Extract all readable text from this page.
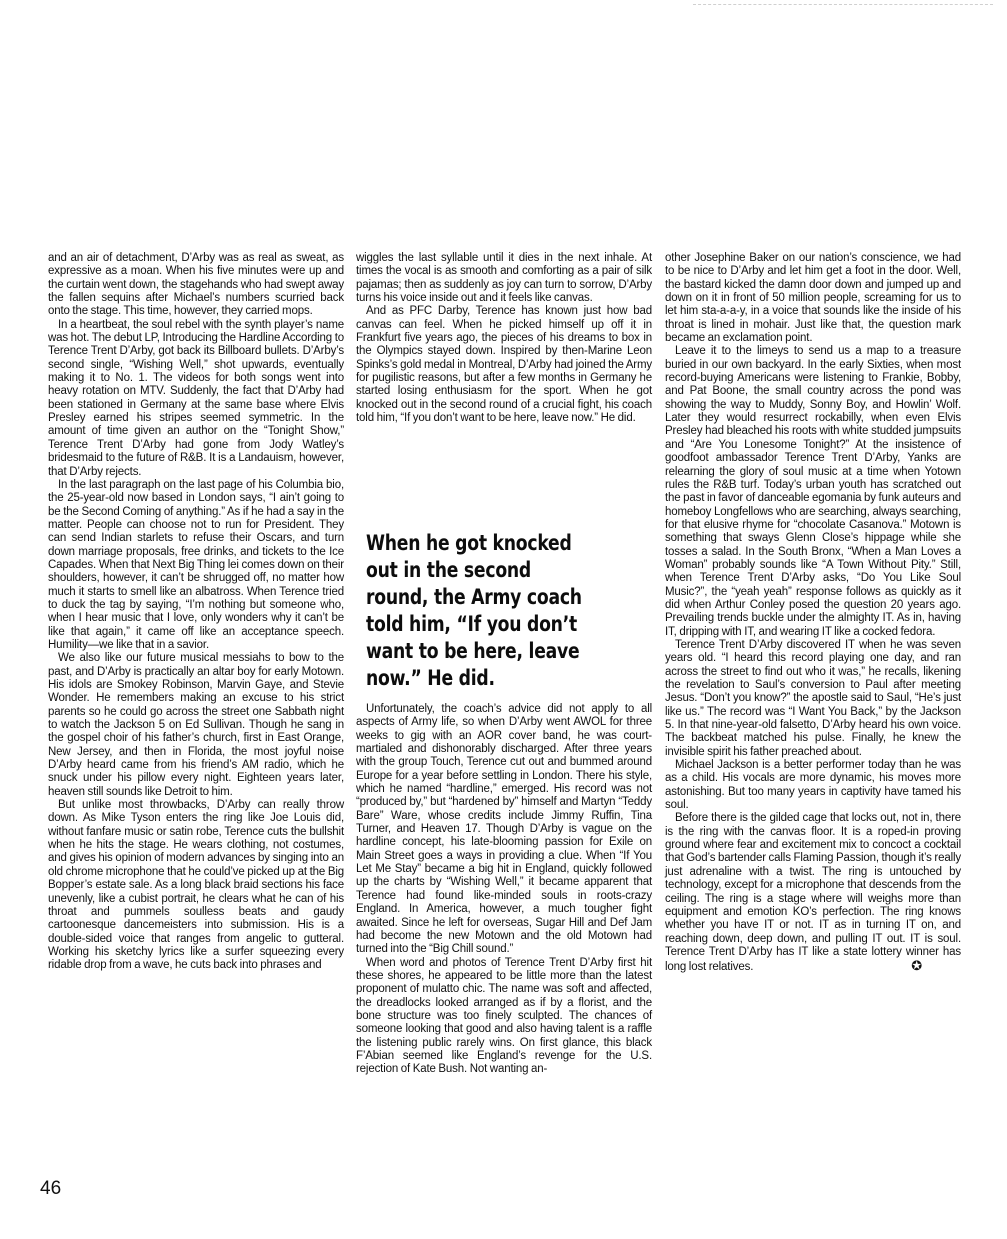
and an air of detachment, D’Arby was as real as sweat, as expressive as a moan. When his five minutes were up and the curtain went down, the stagehands who had swept away the fallen sequins after Michael’s numbers scurried back onto the stage. This time, however, they carried mops.

In a heartbeat, the soul rebel with the synth player’s name was hot. The debut LP, Introducing the Hardline According to Terence Trent D’Arby, got back its Billboard bullets. D’Arby’s second single, “Wishing Well,” shot upwards, eventually making it to No. 1. The videos for both songs went into heavy rotation on MTV. Suddenly, the fact that D’Arby had been stationed in Germany at the same base where Elvis Presley earned his stripes seemed symmetric. In the amount of time given an author on the “Tonight Show,” Terence Trent D’Arby had gone from Jody Watley’s bridesmaid to the future of R&B. It is a Landauism, however, that D’Arby rejects.

In the last paragraph on the last page of his Columbia bio, the 25-year-old now based in London says, “I ain’t going to be the Second Coming of anything.” As if he had a say in the matter. People can choose not to run for President. They can send Indian starlets to refuse their Oscars, and turn down marriage proposals, free drinks, and tickets to the Ice Capades. When that Next Big Thing lei comes down on their shoulders, however, it can’t be shrugged off, no matter how much it starts to smell like an albatross. When Terence tried to duck the tag by saying, “I’m nothing but someone who, when I hear music that I love, only wonders why it can’t be like that again,” it came off like an acceptance speech. Humility—we like that in a savior.

We also like our future musical messiahs to bow to the past, and D’Arby is practically an altar boy for early Motown. His idols are Smokey Robinson, Marvin Gaye, and Stevie Wonder. He remembers making an excuse to his strict parents so he could go across the street one Sabbath night to watch the Jackson 5 on Ed Sullivan. Though he sang in the gospel choir of his father’s church, first in East Orange, New Jersey, and then in Florida, the most joyful noise D’Arby heard came from his friend’s AM radio, which he snuck under his pillow every night. Eighteen years later, heaven still sounds like Detroit to him.

But unlike most throwbacks, D’Arby can really throw down. As Mike Tyson enters the ring like Joe Louis did, without fanfare music or satin robe, Terence cuts the bullshit when he hits the stage. He wears clothing, not costumes, and gives his opinion of modern advances by singing into an old chrome microphone that he could’ve picked up at the Big Bopper’s estate sale. As a long black braid sections his face unevenly, like a cubist portrait, he clears what he can of his throat and pummels soulless beats and gaudy cartoonesque dancemeisters into submission. His is a double-sided voice that ranges from angelic to gutteral. Working his sketchy lyrics like a surfer squeezing every ridable drop from a wave, he cuts back into phrases and

wiggles the last syllable until it dies in the next inhale. At times the vocal is as smooth and comforting as a pair of silk pajamas; then as suddenly as joy can turn to sorrow, D’Arby turns his voice inside out and it feels like canvas.

And as PFC Darby, Terence has known just how bad canvas can feel. When he picked himself up off it in Frankfurt five years ago, the pieces of his dreams to box in the Olympics stayed down. Inspired by then-Marine Leon Spinks’s gold medal in Montreal, D’Arby had joined the Army for pugilistic reasons, but after a few months in Germany he started losing enthusiasm for the sport. When he got knocked out in the second round of a crucial fight, his coach told him, “If you don’t want to be here, leave now.” He did.

When he got knocked out in the second round, the Army coach told him, “If you don’t want to be here, leave now.” He did.

Unfortunately, the coach’s advice did not apply to all aspects of Army life, so when D’Arby went AWOL for three weeks to gig with an AOR cover band, he was court-martialed and dishonorably discharged. After three years with the group Touch, Terence cut out and bummed around Europe for a year before settling in London. There his style, which he named “hardline,” emerged. His record was not “produced by,” but “hardened by” himself and Martyn “Teddy Bare” Ware, whose credits include Jimmy Ruffin, Tina Turner, and Heaven 17. Though D’Arby is vague on the hardline concept, his late-blooming passion for Exile on Main Street goes a ways in providing a clue. When “If You Let Me Stay” became a big hit in England, quickly followed up the charts by “Wishing Well,” it became apparent that Terence had found like-minded souls in roots-crazy England. In America, however, a much tougher fight awaited. Since he left for overseas, Sugar Hill and Def Jam had become the new Motown and the old Motown had turned into the “Big Chill sound.”

When word and photos of Terence Trent D’Arby first hit these shores, he appeared to be little more than the latest proponent of mulatto chic. The name was soft and affected, the dreadlocks looked arranged as if by a florist, and the bone structure was too finely sculpted. The chances of someone looking that good and also having talent is a raffle the listening public rarely wins. On first glance, this black F’Abian seemed like England’s revenge for the U.S. rejection of Kate Bush. Not wanting an-

other Josephine Baker on our nation’s conscience, we had to be nice to D’Arby and let him get a foot in the door. Well, the bastard kicked the damn door down and jumped up and down on it in front of 50 million people, screaming for us to let him sta-a-a-y, in a voice that sounds like the inside of his throat is lined in mohair. Just like that, the question mark became an exclamation point.

Leave it to the limeys to send us a map to a treasure buried in our own backyard. In the early Sixties, when most record-buying Americans were listening to Frankie, Bobby, and Pat Boone, the small country across the pond was showing the way to Muddy, Sonny Boy, and Howlin’ Wolf. Later they would resurrect rockabilly, when even Elvis Presley had bleached his roots with white studded jumpsuits and “Are You Lonesome Tonight?” At the insistence of goodfoot ambassador Terence Trent D’Arby, Yanks are relearning the glory of soul music at a time when Yotown rules the R&B turf. Today’s urban youth has scratched out the past in favor of danceable egomania by funk auteurs and homeboy Longfellows who are searching, always searching, for that elusive rhyme for “chocolate Casanova.” Motown is something that sways Glenn Close’s hippage while she tosses a salad. In the South Bronx, “When a Man Loves a Woman” probably sounds like “A Town Without Pity.” Still, when Terence Trent D’Arby asks, “Do You Like Soul Music?”, the “yeah yeah” response follows as quickly as it did when Arthur Conley posed the question 20 years ago. Prevailing trends buckle under the almighty IT. As in, having IT, dripping with IT, and wearing IT like a cocked fedora.

Terence Trent D’Arby discovered IT when he was seven years old. “I heard this record playing one day, and ran across the street to find out who it was,” he recalls, likening the revelation to Saul’s conversion to Paul after meeting Jesus. “Don’t you know?” the apostle said to Saul, “He’s just like us.” The record was “I Want You Back,” by the Jackson 5. In that nine-year-old falsetto, D’Arby heard his own voice. The backbeat matched his pulse. Finally, he knew the invisible spirit his father preached about.

Michael Jackson is a better performer today than he was as a child. His vocals are more dynamic, his moves more astonishing. But too many years in captivity have tamed his soul.

Before there is the gilded cage that locks out, not in, there is the ring with the canvas floor. It is a roped-in proving ground where fear and excitement mix to concoct a cocktail that God’s bartender calls Flaming Passion, though it’s really just adrenaline with a twist. The ring is untouched by technology, except for a microphone that descends from the ceiling. The ring is a stage where will weighs more than equipment and emotion KO’s perfection. The ring knows whether you have IT or not. IT as in turning IT on, and reaching down, deep down, and pulling IT out. IT is soul. Terence Trent D’Arby has IT like a state lottery winner has long lost relatives.	✪

46
